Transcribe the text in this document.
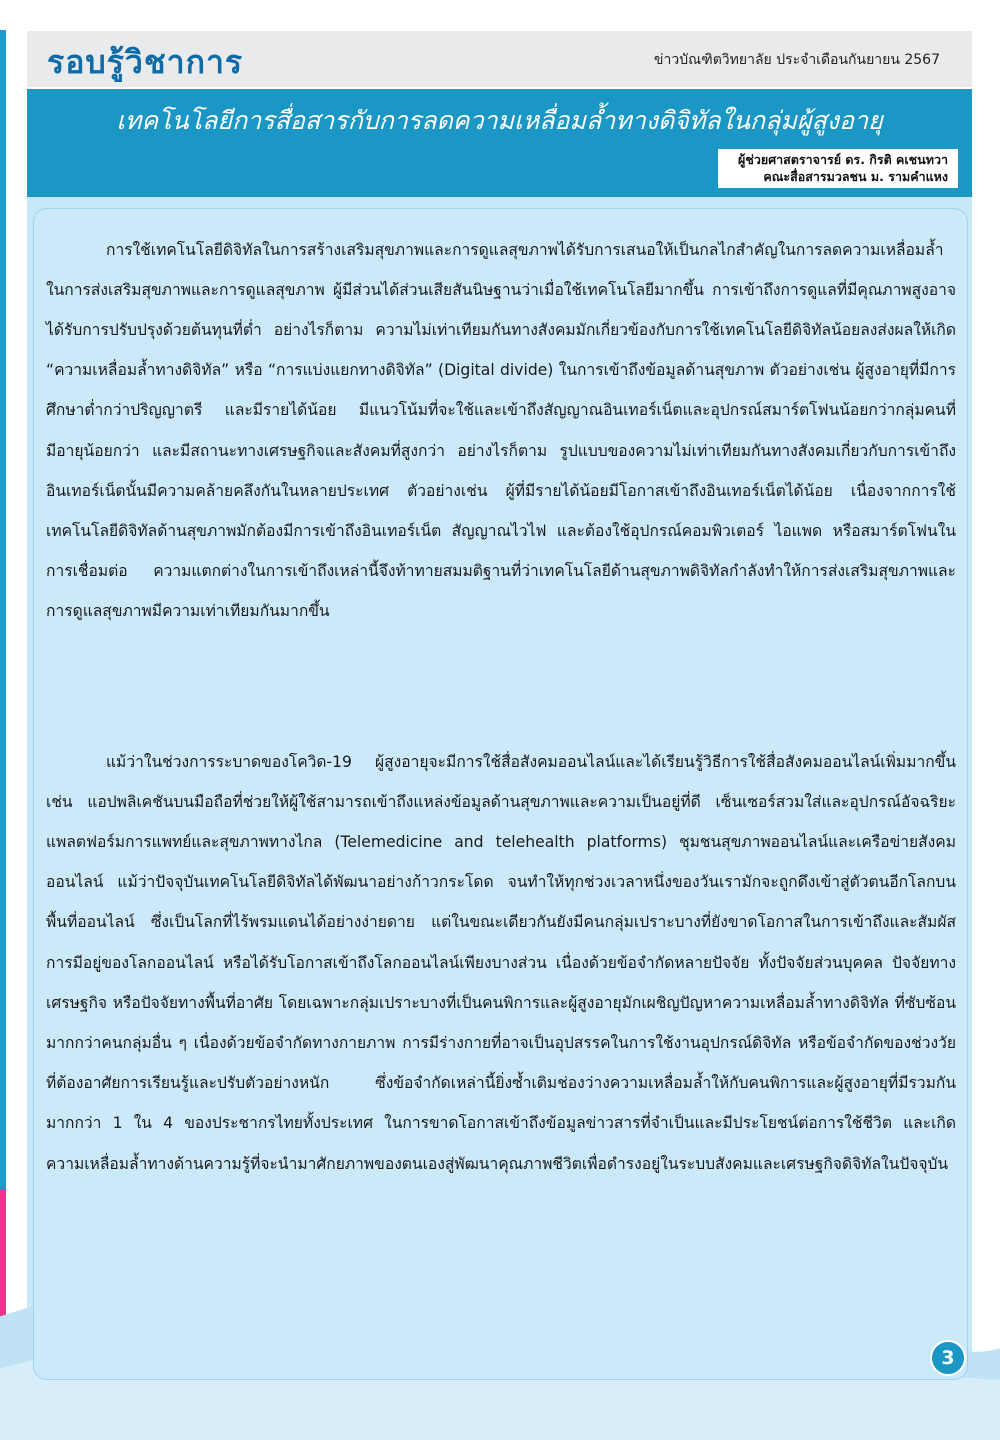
รอบรู้วิชาการ	ข่าวบัณฑิตวิทยาลัย ประจำเดือนกันยายน 2567
เทคโนโลยีการสื่อสารกับการลดความเหลื่อมล้ำทางดิจิทัลในกลุ่มผู้สูงอายุ
ผู้ช่วยศาสตราจารย์ ดร. กิรติ คเชนทวา
คณะสื่อสารมวลชน ม. รามคำแหง

การใช้เทคโนโลยีดิจิทัลในการสร้างเสริมสุขภาพและการดูแลสุขภาพได้รับการเสนอให้เป็นกลไกสำคัญในการลดความเหลื่อมล้ำในการส่งเสริมสุขภาพและการดูแลสุขภาพ ผู้มีส่วนได้ส่วนเสียสันนิษฐานว่าเมื่อใช้เทคโนโลยีมากขึ้น การเข้าถึงการดูแลที่มีคุณภาพสูงอาจได้รับการปรับปรุงด้วยต้นทุนที่ต่ำ อย่างไรก็ตาม ความไม่เท่าเทียมกันทางสังคมมักเกี่ยวข้องกับการใช้เทคโนโลยีดิจิทัลน้อยลงส่งผลให้เกิด “ความเหลื่อมล้ำทางดิจิทัล” หรือ “การแบ่งแยกทางดิจิทัล” (Digital divide) ในการเข้าถึงข้อมูลด้านสุขภาพ ตัวอย่างเช่น ผู้สูงอายุที่มีการศึกษาต่ำกว่าปริญญาตรี และมีรายได้น้อย มีแนวโน้มที่จะใช้และเข้าถึงสัญญาณอินเทอร์เน็ตและอุปกรณ์สมาร์ตโฟนน้อยกว่ากลุ่มคนที่มีอายุน้อยกว่า และมีสถานะทางเศรษฐกิจและสังคมที่สูงกว่า อย่างไรก็ตาม รูปแบบของความไม่เท่าเทียมกันทางสังคมเกี่ยวกับการเข้าถึงอินเทอร์เน็ตนั้นมีความคล้ายคลึงกันในหลายประเทศ ตัวอย่างเช่น ผู้ที่มีรายได้น้อยมีโอกาสเข้าถึงอินเทอร์เน็ตได้น้อย เนื่องจากการใช้เทคโนโลยีดิจิทัลด้านสุขภาพมักต้องมีการเข้าถึงอินเทอร์เน็ต สัญญาณไวไฟ และต้องใช้อุปกรณ์คอมพิวเตอร์ ไอแพด หรือสมาร์ตโฟนในการเชื่อมต่อ ความแตกต่างในการเข้าถึงเหล่านี้จึงท้าทายสมมติฐานที่ว่าเทคโนโลยีด้านสุขภาพดิจิทัลกำลังทำให้การส่งเสริมสุขภาพและการดูแลสุขภาพมีความเท่าเทียมกันมากขึ้น

แม้ว่าในช่วงการระบาดของโควิด-19 ผู้สูงอายุจะมีการใช้สื่อสังคมออนไลน์และได้เรียนรู้วิธีการใช้สื่อสังคมออนไลน์เพิ่มมากขึ้น เช่น แอปพลิเคชันบนมือถือที่ช่วยให้ผู้ใช้สามารถเข้าถึงแหล่งข้อมูลด้านสุขภาพและความเป็นอยู่ที่ดี เซ็นเซอร์สวมใส่และอุปกรณ์อัจฉริยะ แพลตฟอร์มการแพทย์และสุขภาพทางไกล (Telemedicine and telehealth platforms) ชุมชนสุขภาพออนไลน์และเครือข่ายสังคมออนไลน์ แม้ว่าปัจจุบันเทคโนโลยีดิจิทัลได้พัฒนาอย่างก้าวกระโดด จนทำให้ทุกช่วงเวลาหนึ่งของวันเรามักจะถูกดึงเข้าสู่ตัวตนอีกโลกบนพื้นที่ออนไลน์ ซึ่งเป็นโลกที่ไร้พรมแดนได้อย่างง่ายดาย แต่ในขณะเดียวกันยังมีคนกลุ่มเปราะบางที่ยังขาดโอกาสในการเข้าถึงและสัมผัสการมีอยู่ของโลกออนไลน์ หรือได้รับโอกาสเข้าถึงโลกออนไลน์เพียงบางส่วน เนื่องด้วยข้อจำกัดหลายปัจจัย ทั้งปัจจัยส่วนบุคคล ปัจจัยทางเศรษฐกิจ หรือปัจจัยทางพื้นที่อาศัย โดยเฉพาะกลุ่มเปราะบางที่เป็นคนพิการและผู้สูงอายุมักเผชิญปัญหาความเหลื่อมล้ำทางดิจิทัล ที่ซับซ้อนมากกว่าคนกลุ่มอื่น ๆ เนื่องด้วยข้อจำกัดทางกายภาพ การมีร่างกายที่อาจเป็นอุปสรรคในการใช้งานอุปกรณ์ดิจิทัล หรือข้อจำกัดของช่วงวัยที่ต้องอาศัยการเรียนรู้และปรับตัวอย่างหนัก ซึ่งข้อจำกัดเหล่านี้ยิ่งซ้ำเติมช่องว่างความเหลื่อมล้ำให้กับคนพิการและผู้สูงอายุที่มีรวมกันมากกว่า 1 ใน 4 ของประชากรไทยทั้งประเทศ ในการขาดโอกาสเข้าถึงข้อมูลข่าวสารที่จำเป็นและมีประโยชน์ต่อการใช้ชีวิต และเกิดความเหลื่อมล้ำทางด้านความรู้ที่จะนำมาศักยภาพของตนเองสู่พัฒนาคุณภาพชีวิตเพื่อดำรงอยู่ในระบบสังคมและเศรษฐกิจดิจิทัลในปัจจุบัน

3
